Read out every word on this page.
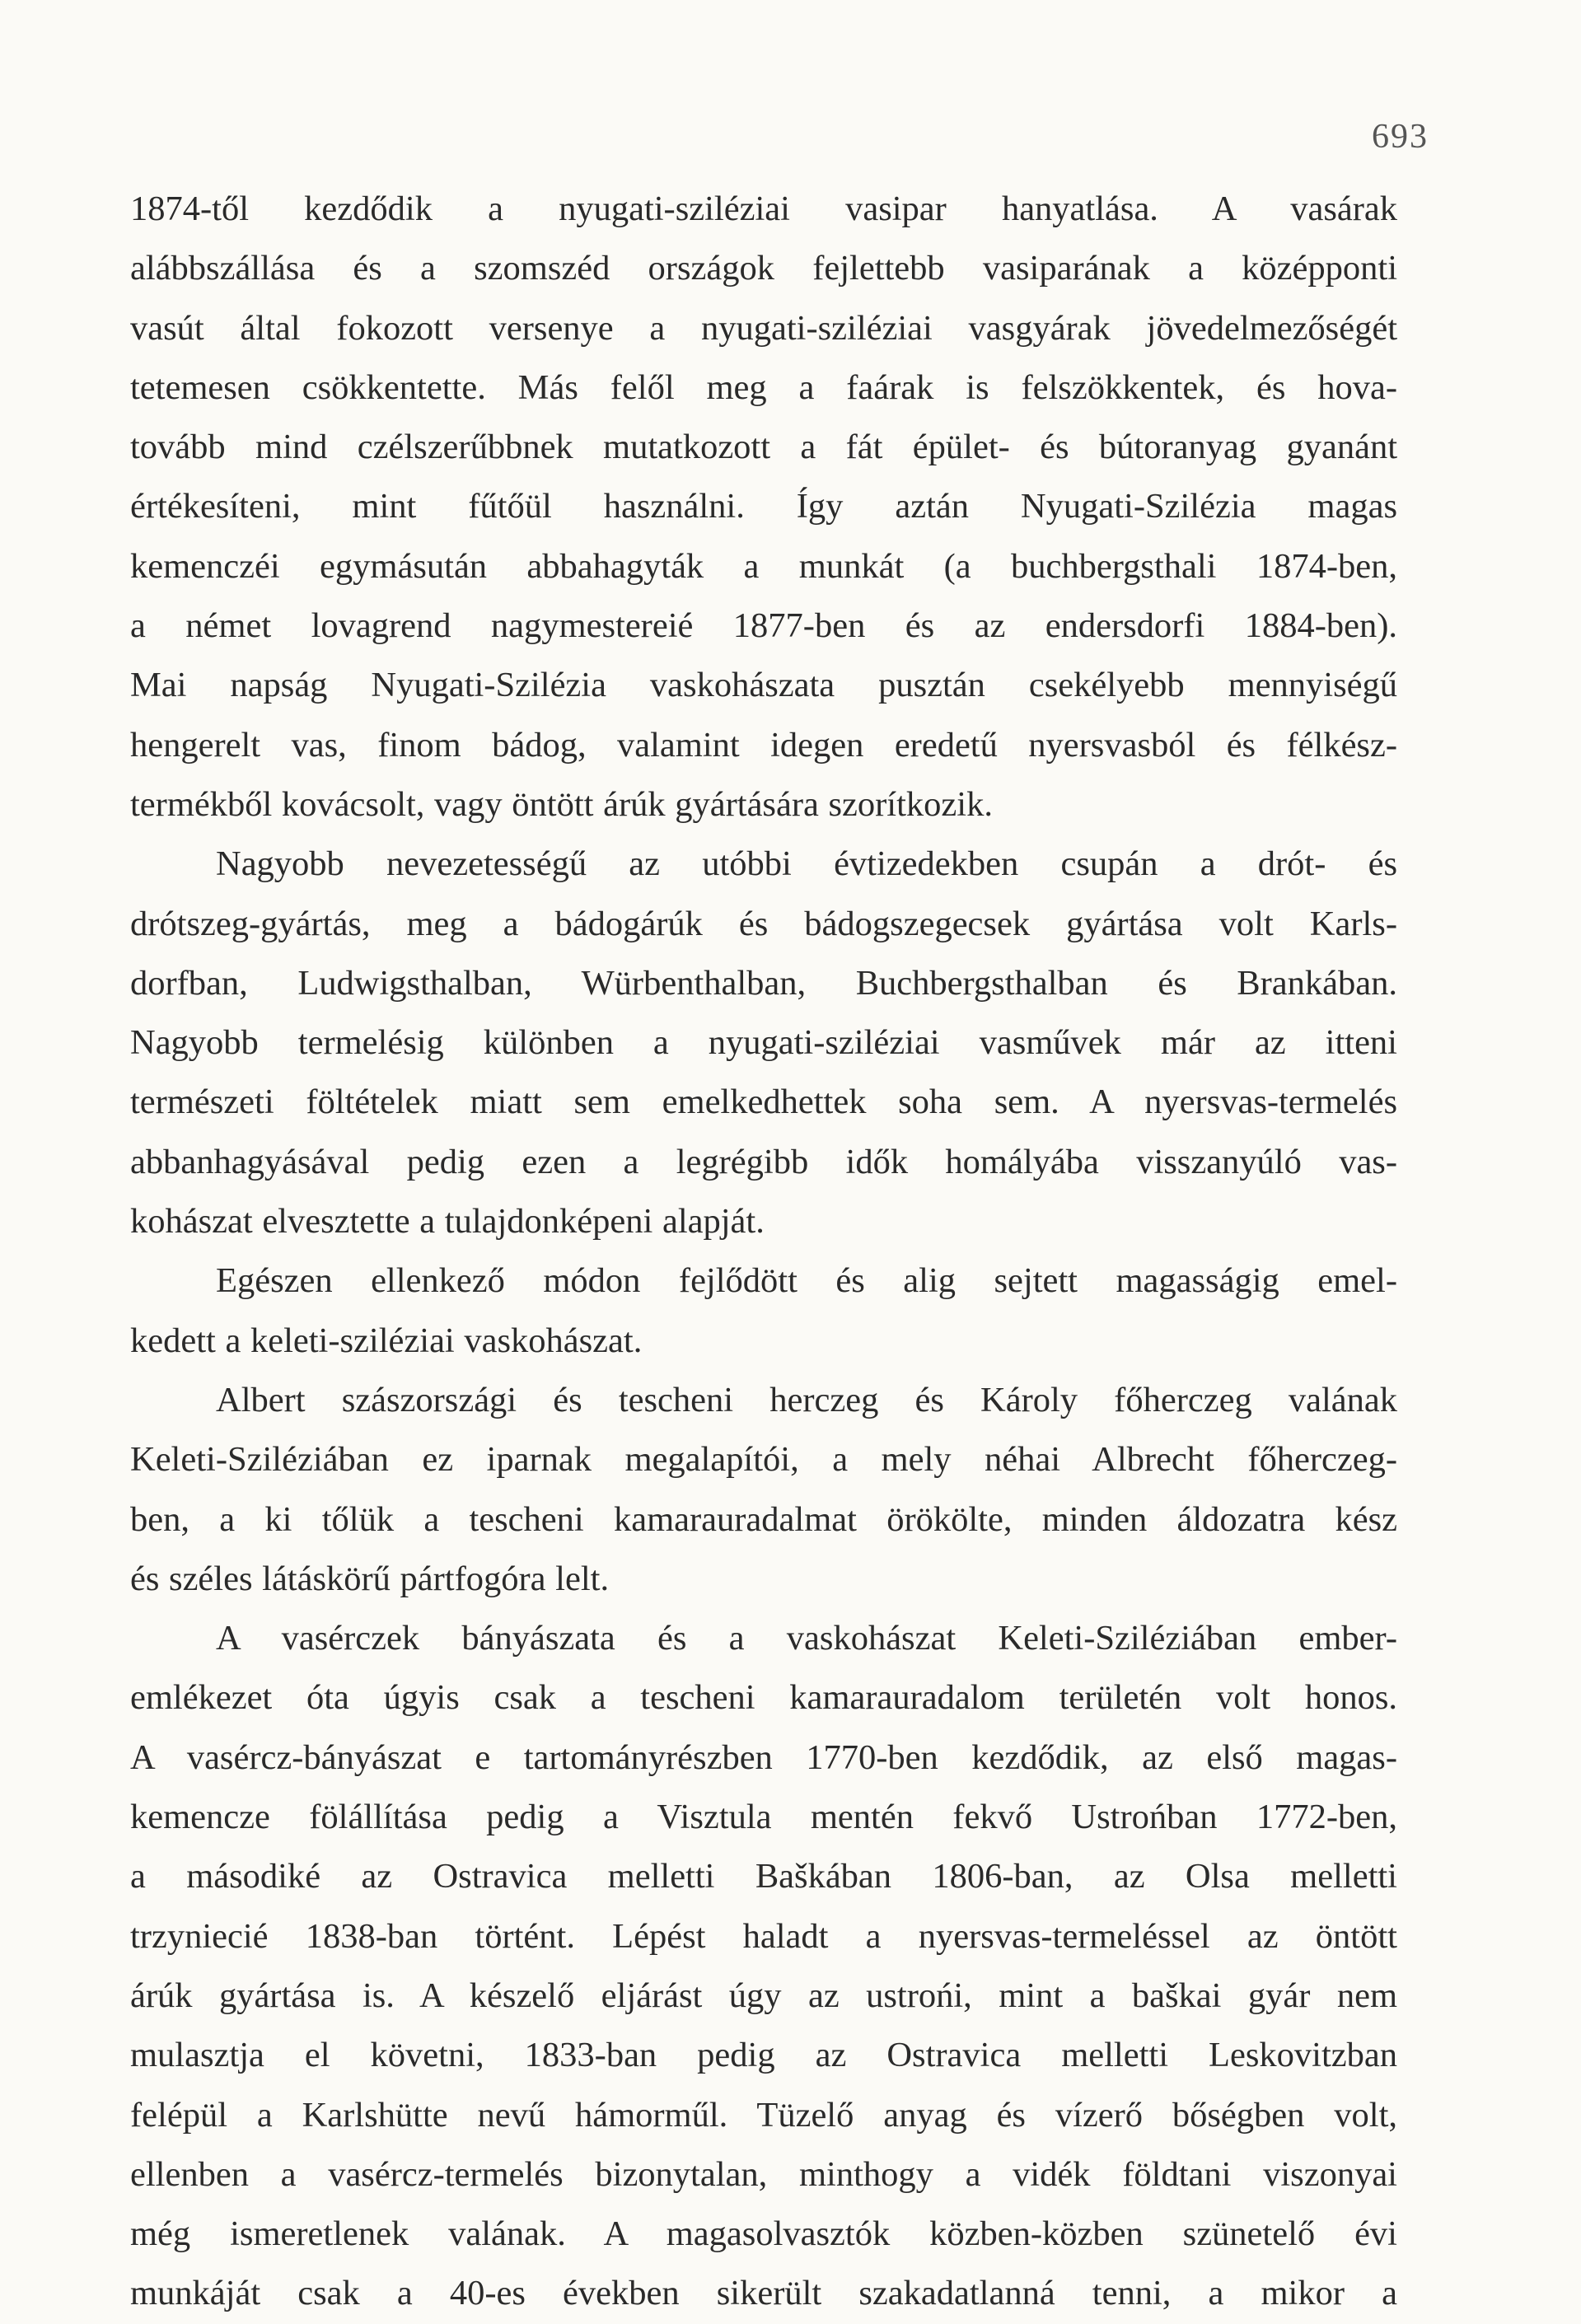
693
1874-től kezdődik a nyugati-sziléziai vasipar hanyatlása. A vasárak
alábbszállása és a szomszéd országok fejlettebb vasiparának a középponti
vasút által fokozott versenye a nyugati-sziléziai vasgyárak jövedelmezőségét
tetemesen csökkentette. Más felől meg a faárak is felszökkentek, és hova-
tovább mind czélszerűbbnek mutatkozott a fát épület- és bútoranyag gyanánt
értékesíteni, mint fűtőül használni. Így aztán Nyugati-Szilézia magas
kemenczéi egymásután abbahagyták a munkát (a buchbergsthali 1874-ben,
a német lovagrend nagymestereié 1877-ben és az endersdorfi 1884-ben).
Mai napság Nyugati-Szilézia vaskohászata pusztán csekélyebb mennyiségű
hengerelt vas, finom bádog, valamint idegen eredetű nyersvasból és félkész-
termékből kovácsolt, vagy öntött árúk gyártására szorítkozik.
Nagyobb nevezetességű az utóbbi évtizedekben csupán a drót- és
drótszeg-gyártás, meg a bádogárúk és bádogszegecsek gyártása volt Karls-
dorfban, Ludwigsthalban, Würbenthalban, Buchbergsthalban és Brankában.
Nagyobb termelésig különben a nyugati-sziléziai vasművek már az itteni
természeti föltételek miatt sem emelkedhettek soha sem. A nyersvas-termelés
abbanhagyásával pedig ezen a legrégibb idők homályába visszanyúló vas-
kohászat elvesztette a tulajdonképeni alapját.
Egészen ellenkező módon fejlődött és alig sejtett magasságig emel-
kedett a keleti-sziléziai vaskohászat.
Albert szászországi és tescheni herczeg és Károly főherczeg valának
Keleti-Sziléziában ez iparnak megalapítói, a mely néhai Albrecht főherczeg-
ben, a ki tőlük a tescheni kamarauradalmat örökölte, minden áldozatra kész
és széles látáskörű pártfogóra lelt.
A vasérczek bányászata és a vaskohászat Keleti-Sziléziában ember-
emlékezet óta úgyis csak a tescheni kamarauradalom területén volt honos.
A vasércz-bányászat e tartományrészben 1770-ben kezdődik, az első magas-
kemencze fölállítása pedig a Visztula mentén fekvő Ustrońban 1772-ben,
a másodiké az Ostravica melletti Baškában 1806-ban, az Olsa melletti
trzyniecié 1838-ban történt. Lépést haladt a nyersvas-termeléssel az öntött
árúk gyártása is. A készelő eljárást úgy az ustrońi, mint a baškai gyár nem
mulasztja el követni, 1833-ban pedig az Ostravica melletti Leskovitzban
felépül a Karlshütte nevű hámorműl. Tüzelő anyag és vízerő bőségben volt,
ellenben a vasércz-termelés bizonytalan, minthogy a vidék földtani viszonyai
még ismeretlenek valának. A magasolvasztók közben-közben szünetelő évi
munkáját csak a 40-es években sikerült szakadatlanná tenni, a mikor a
